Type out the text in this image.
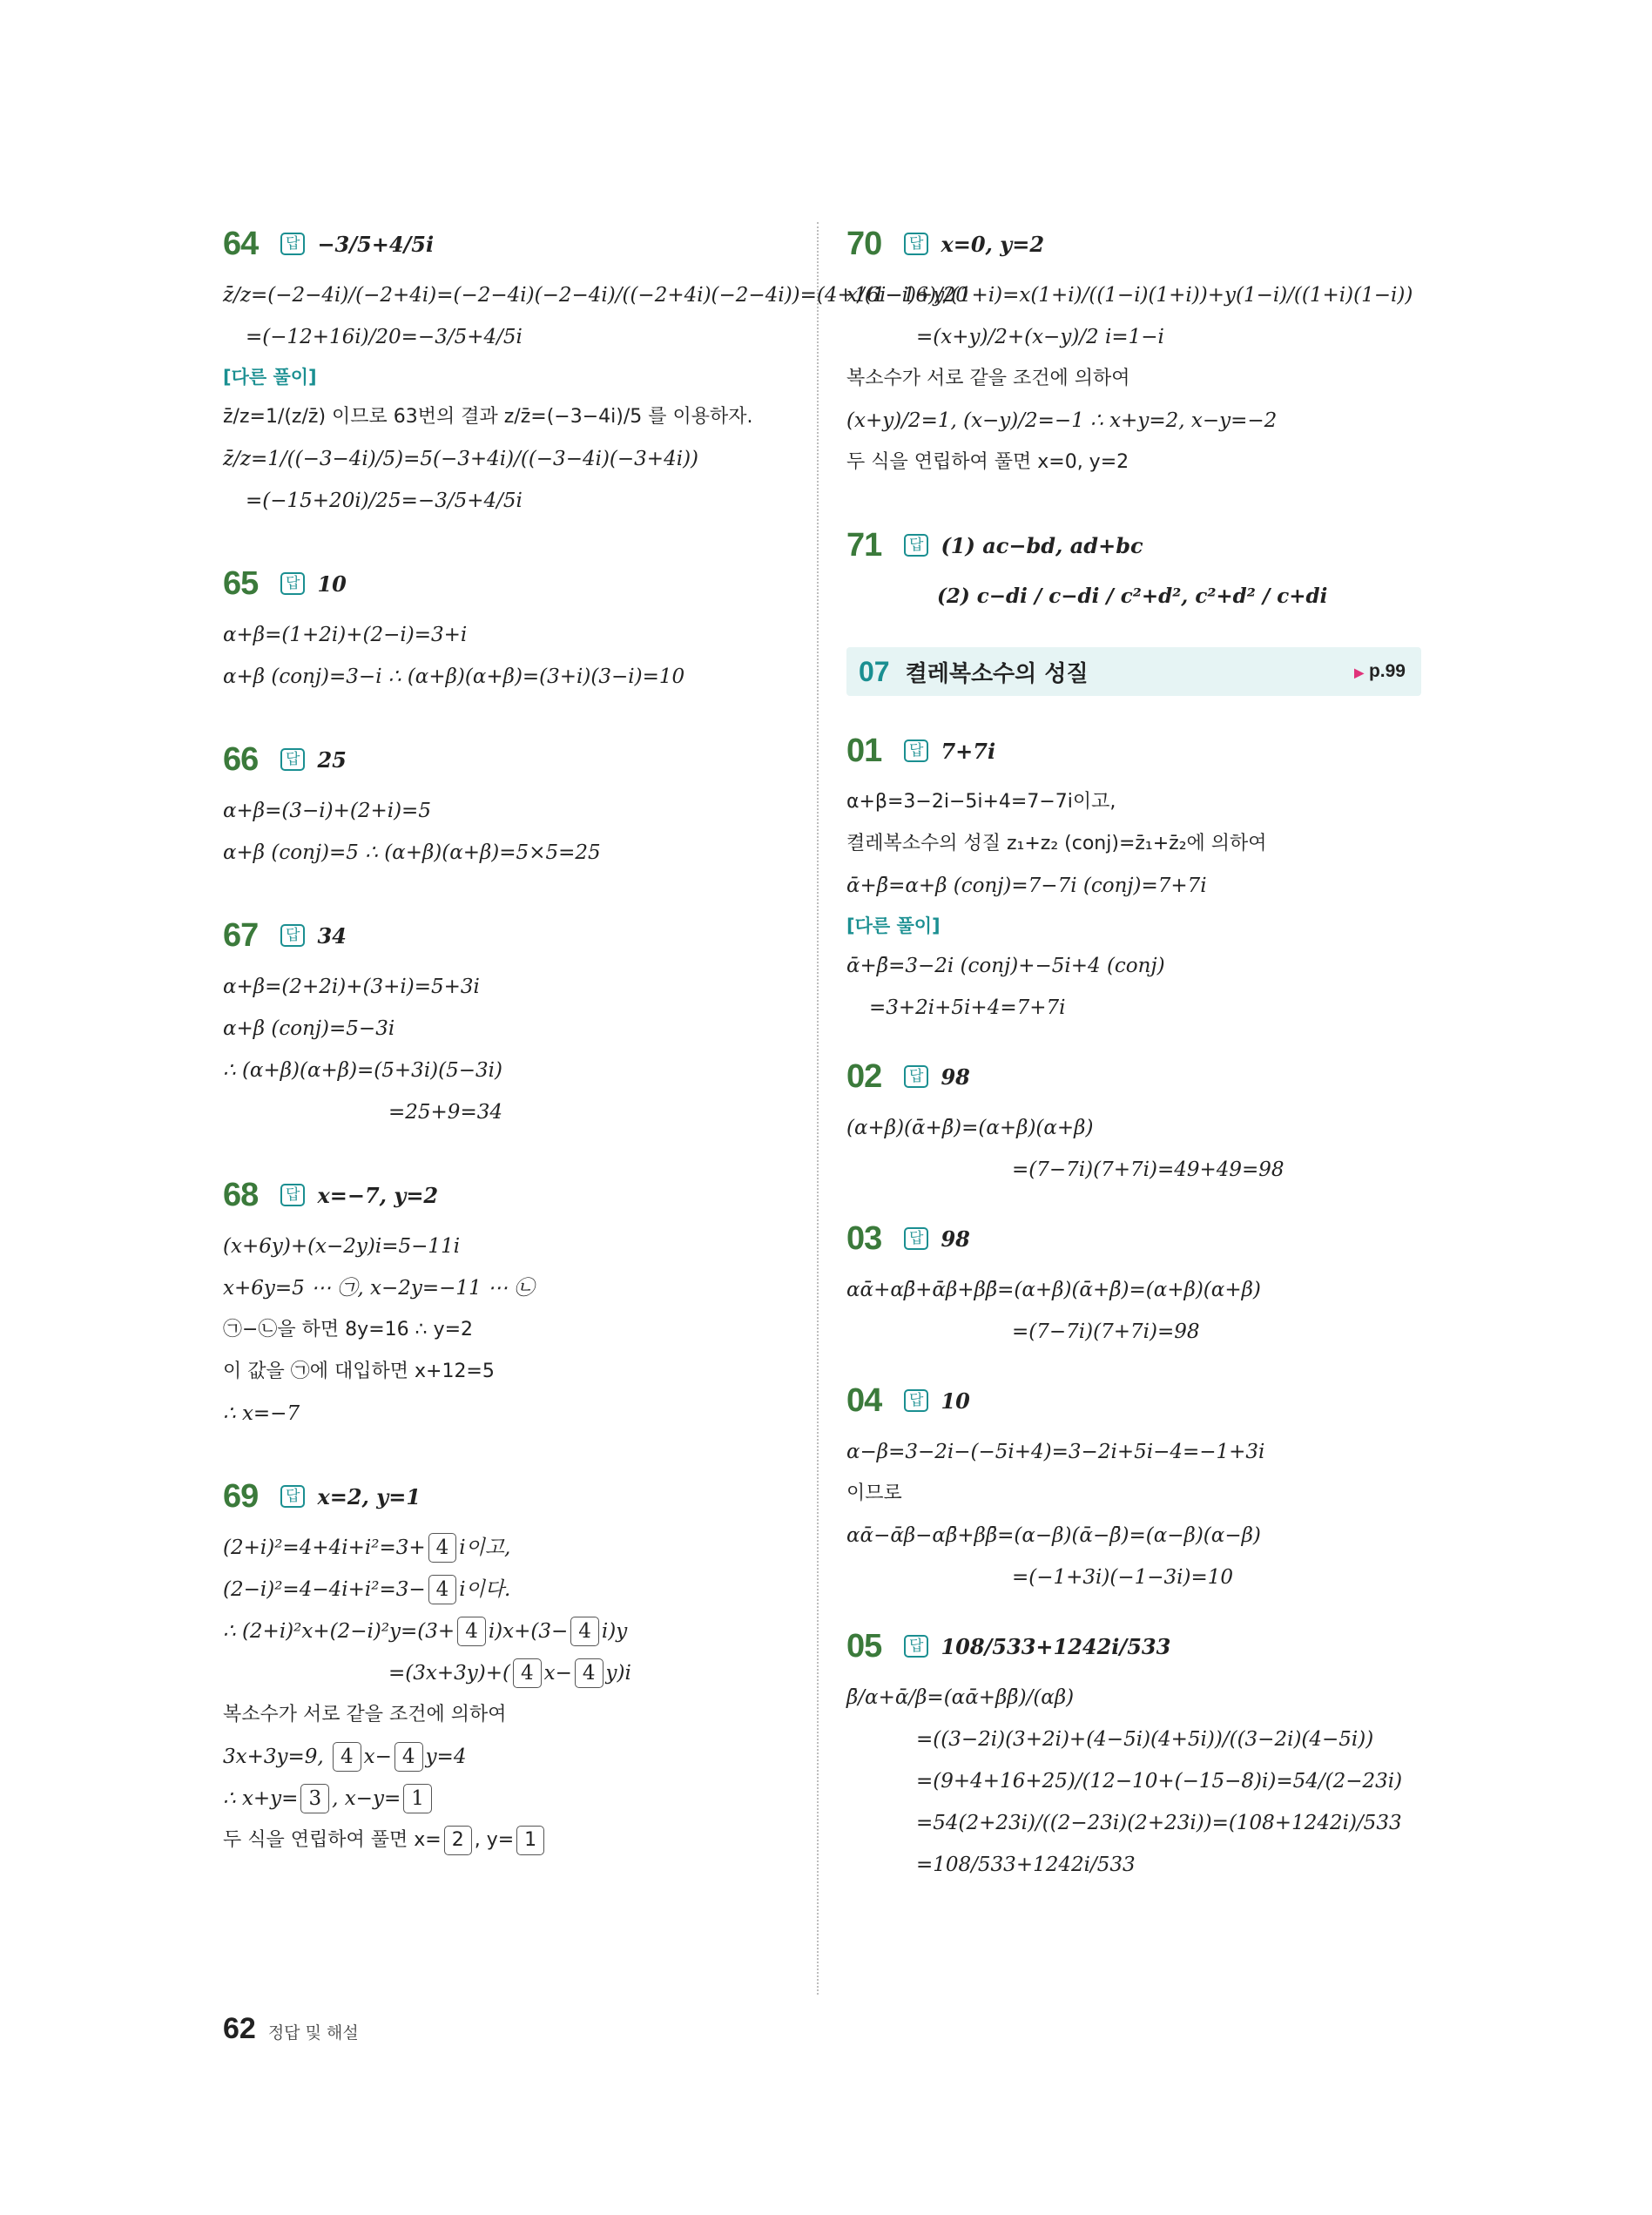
64	답 −3/5+4/5i
z̄/z=(−2−4i)/(−2+4i)=(−2−4i)(−2−4i)/((−2+4i)(−2−4i))=(4+16i−16)/20
=(−12+16i)/20=−3/5+4/5i
[다른 풀이]
z̄/z=1/(z/z̄) 이므로 63번의 결과 z/z̄=(−3−4i)/5 를 이용하자.
z̄/z=1/((−3−4i)/5)=5(−3+4i)/((−3−4i)(−3+4i))
=(−15+20i)/25=−3/5+4/5i
65	답 10
α+β=(1+2i)+(2−i)=3+i
α+β (conj)=3−i ∴ (α+β)(α+β)=(3+i)(3−i)=10
66	답 25
α+β=(3−i)+(2+i)=5
α+β (conj)=5 ∴ (α+β)(α+β)=5×5=25
67	답 34
α+β=(2+2i)+(3+i)=5+3i
α+β (conj)=5−3i
∴ (α+β)(α+β)=(5+3i)(5−3i)
=25+9=34
68	답 x=−7, y=2
(x+6y)+(x−2y)i=5−11i
x+6y=5 ⋯ ㉠, x−2y=−11 ⋯ ㉡
㉠−㉡을 하면 8y=16 ∴ y=2
이 값을 ㉠에 대입하면 x+12=5
∴ x=−7
69	답 x=2, y=1
(2+i)²=4+4i+i²=3+ 4 i이고,
(2−i)²=4−4i+i²=3− 4 i이다.
∴ (2+i)²x+(2−i)²y=(3+ 4 i)x+(3− 4 i)y
=(3x+3y)+( 4 x− 4 y)i
복소수가 서로 같을 조건에 의하여
3x+3y=9, 4 x− 4 y=4
∴ x+y= 3 , x−y= 1
두 식을 연립하여 풀면 x= 2 , y= 1
70	답 x=0, y=2
x/(1−i)+y/(1+i)=x(1+i)/((1−i)(1+i))+y(1−i)/((1+i)(1−i))
=(x+y)/2+(x−y)/2 i=1−i
복소수가 서로 같을 조건에 의하여
(x+y)/2=1, (x−y)/2=−1 ∴ x+y=2, x−y=−2
두 식을 연립하여 풀면 x=0, y=2
71	답 (1) ac−bd, ad+bc
(2) c−di / c−di / c²+d², c²+d² / c+di
07 켤레복소수의 성질	▶ p.99
01	답 7+7i
α+β=3−2i−5i+4=7−7i이고,
켤레복소수의 성질 z₁+z₂ (conj)=z̄₁+z̄₂에 의하여
ᾱ+β̄=α+β (conj)=7−7i (conj)=7+7i
[다른 풀이]
ᾱ+β̄=3−2i (conj)+−5i+4 (conj)
=3+2i+5i+4=7+7i
02	답 98
(α+β)(ᾱ+β̄)=(α+β)(α+β)
=(7−7i)(7+7i)=49+49=98
03	답 98
αᾱ+αβ̄+ᾱβ+ββ̄=(α+β)(ᾱ+β̄)=(α+β)(α+β)
=(7−7i)(7+7i)=98
04	답 10
α−β=3−2i−(−5i+4)=3−2i+5i−4=−1+3i
이므로
αᾱ−ᾱβ−αβ̄+ββ̄=(α−β)(ᾱ−β̄)=(α−β)(α−β)
=(−1+3i)(−1−3i)=10
05	답 108/533+1242i/533
β̄/α+ᾱ/β=(αᾱ+ββ̄)/(αβ)
=((3−2i)(3+2i)+(4−5i)(4+5i))/((3−2i)(4−5i))
=(9+4+16+25)/(12−10+(−15−8)i)=54/(2−23i)
=54(2+23i)/((2−23i)(2+23i))=(108+1242i)/533
=108/533+1242i/533
62 정답 및 해설
